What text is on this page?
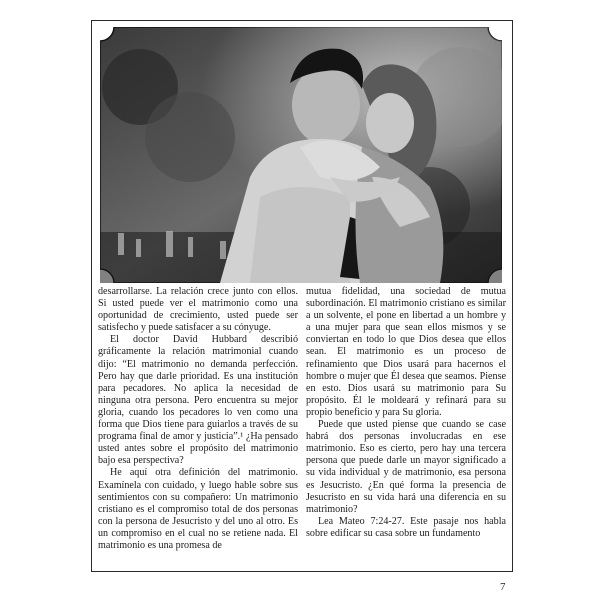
desarrollarse. La relación crece junto con ellos. Si usted puede ver el matrimonio como una oportunidad de crecimiento, usted puede ser satisfecho y puede satisfacer a su cónyuge.

El doctor David Hubbard describió gráficamente la relación matrimonial cuando dijo: “El matrimonio no demanda perfección. Pero hay que darle prioridad. Es una institución para pecadores. No aplica la necesidad de ninguna otra persona. Pero encuentra su mejor gloria, cuando los pecadores lo ven como una forma que Dios tiene para guiarlos a través de su programa final de amor y justicia”.¹ ¿Ha pensado usted antes sobre el propósito del matrimonio bajo esa perspectiva?

He aquí otra definición del matrimonio. Examínela con cuidado, y luego hable sobre sus sentimientos con su compañero: Un matrimonio cristiano es el compromiso total de dos personas con la persona de Jesucristo y del uno al otro. Es un compromiso en el cual no se retiene nada. El matrimonio es una promesa de

mutua fidelidad, una sociedad de mutua subordinación. El matrimonio cristiano es similar a un solvente, el pone en libertad a un hombre y a una mujer para que sean ellos mismos y se conviertan en todo lo que Dios desea que ellos sean. El matrimonio es un proceso de refinamiento que Dios usará para hacernos el hombre o mujer que Él desea que seamos. Piense en esto. Dios usará su matrimonio para Su propósito. Él le moldeará y refinará para su propio beneficio y para Su gloria.

Puede que usted piense que cuando se case habrá dos personas involucradas en ese matrimonio. Eso es cierto, pero hay una tercera persona que puede darle un mayor significado a su vida individual y de matrimonio, esa persona es Jesucristo. ¿En qué forma la presencia de Jesucristo en su vida hará una diferencia en su matrimonio?

Lea Mateo 7:24-27. Este pasaje nos habla sobre edificar su casa sobre un fundamento

7
